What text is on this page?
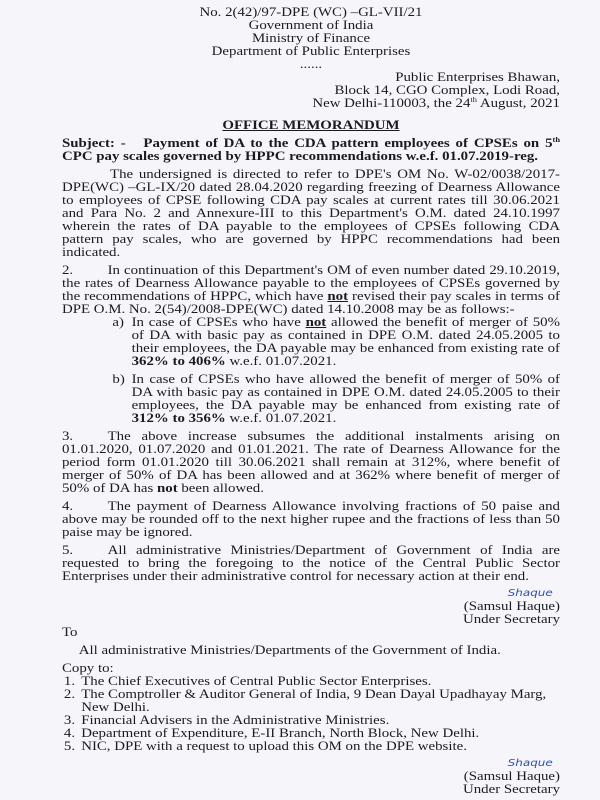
No. 2(42)/97-DPE (WC) –GL-VII/21
Government of India
Ministry of Finance
Department of Public Enterprises
......
Public Enterprises Bhawan,
Block 14, CGO Complex, Lodi Road,
New Delhi-110003, the 24th August, 2021
OFFICE MEMORANDUM
Subject: - Payment of DA to the CDA pattern employees of CPSEs on 5th CPC pay scales governed by HPPC recommendations w.e.f. 01.07.2019-reg.
The undersigned is directed to refer to DPE's OM No. W-02/0038/2017-DPE(WC) –GL-IX/20 dated 28.04.2020 regarding freezing of Dearness Allowance to employees of CPSE following CDA pay scales at current rates till 30.06.2021 and Para No. 2 and Annexure-III to this Department's O.M. dated 24.10.1997 wherein the rates of DA payable to the employees of CPSEs following CDA pattern pay scales, who are governed by HPPC recommendations had been indicated.
2.	In continuation of this Department's OM of even number dated 29.10.2019, the rates of Dearness Allowance payable to the employees of CPSEs governed by the recommendations of HPPC, which have not revised their pay scales in terms of DPE O.M. No. 2(54)/2008-DPE(WC) dated 14.10.2008 may be as follows:-
a) In case of CPSEs who have not allowed the benefit of merger of 50% of DA with basic pay as contained in DPE O.M. dated 24.05.2005 to their employees, the DA payable may be enhanced from existing rate of 362% to 406% w.e.f. 01.07.2021.
b) In case of CPSEs who have allowed the benefit of merger of 50% of DA with basic pay as contained in DPE O.M. dated 24.05.2005 to their employees, the DA payable may be enhanced from existing rate of 312% to 356% w.e.f. 01.07.2021.
3.	The above increase subsumes the additional instalments arising on 01.01.2020, 01.07.2020 and 01.01.2021. The rate of Dearness Allowance for the period form 01.01.2020 till 30.06.2021 shall remain at 312%, where benefit of merger of 50% of DA has been allowed and at 362% where benefit of merger of 50% of DA has not been allowed.
4.	The payment of Dearness Allowance involving fractions of 50 paise and above may be rounded off to the next higher rupee and the fractions of less than 50 paise may be ignored.
5.	All administrative Ministries/Department of Government of India are requested to bring the foregoing to the notice of the Central Public Sector Enterprises under their administrative control for necessary action at their end.
Shaque
(Samsul Haque)
Under Secretary
To
All administrative Ministries/Departments of the Government of India.
Copy to:
1. The Chief Executives of Central Public Sector Enterprises.
2. The Comptroller & Auditor General of India, 9 Dean Dayal Upadhayay Marg, New Delhi.
3. Financial Advisers in the Administrative Ministries.
4. Department of Expenditure, E-II Branch, North Block, New Delhi.
5. NIC, DPE with a request to upload this OM on the DPE website.
Shaque
(Samsul Haque)
Under Secretary
